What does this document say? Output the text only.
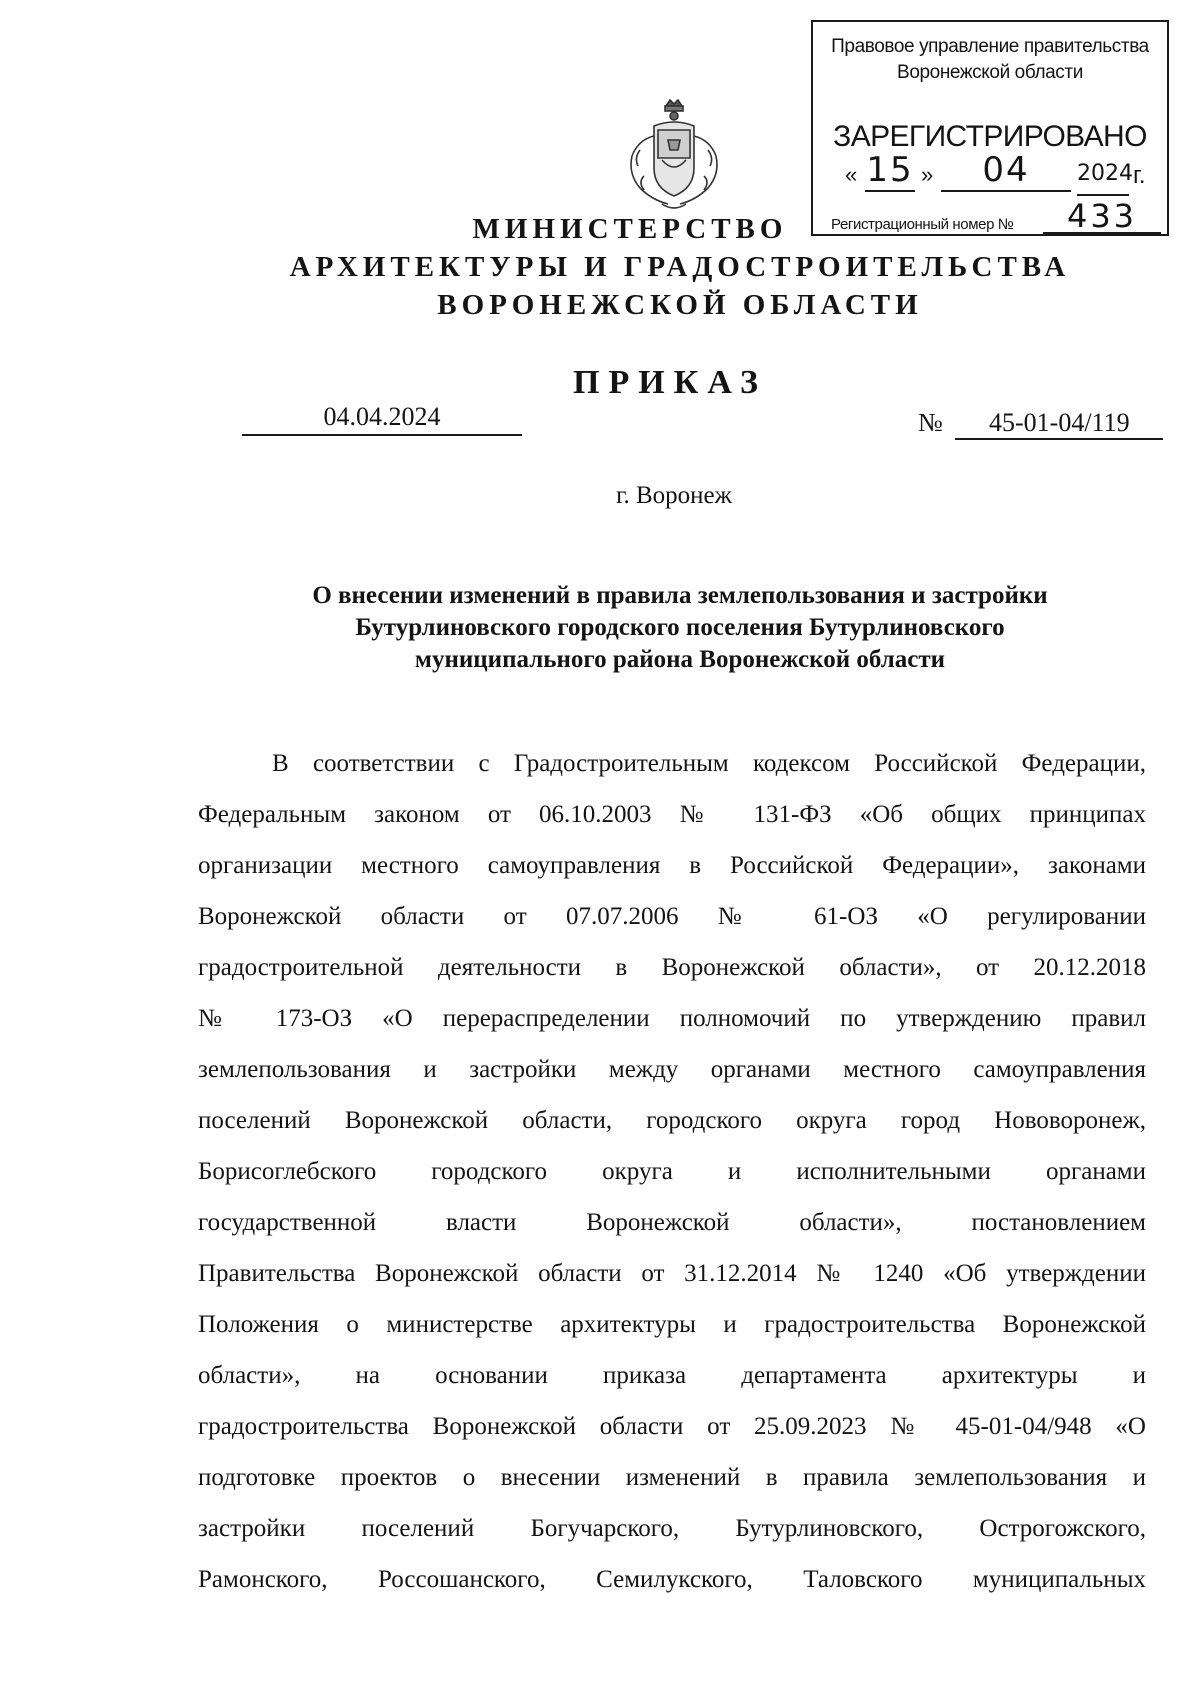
Правовое управление правительства
Воронежской области
ЗАРЕГИСТРИРОВАНО
« 15 »	04	2024 г.
Регистрационный номер №	433
МИНИСТЕРСТВО
АРХИТЕКТУРЫ И ГРАДОСТРОИТЕЛЬСТВА
ВОРОНЕЖСКОЙ ОБЛАСТИ
ПРИКАЗ
04.04.2024	№ 45-01-04/119
г. Воронеж
О внесении изменений в правила землепользования и застройки
Бутурлиновского городского поселения Бутурлиновского
муниципального района Воронежской области
В соответствии с Градостроительным кодексом Российской Федерации,
Федеральным законом от 06.10.2003 № 131-ФЗ «Об общих принципах
организации местного самоуправления в Российской Федерации», законами
Воронежской области от 07.07.2006 № 61-ОЗ «О регулировании
градостроительной деятельности в Воронежской области», от 20.12.2018
№ 173-ОЗ «О перераспределении полномочий по утверждению правил
землепользования и застройки между органами местного самоуправления
поселений Воронежской области, городского округа город Нововоронеж,
Борисоглебского городского округа и исполнительными органами
государственной власти Воронежской области», постановлением
Правительства Воронежской области от 31.12.2014 № 1240 «Об утверждении
Положения о министерстве архитектуры и градостроительства Воронежской
области», на основании приказа департамента архитектуры и
градостроительства Воронежской области от 25.09.2023 № 45-01-04/948 «О
подготовке проектов о внесении изменений в правила землепользования и
застройки поселений Богучарского, Бутурлиновского, Острогожского,
Рамонского, Россошанского, Семилукского, Таловского муниципальных
